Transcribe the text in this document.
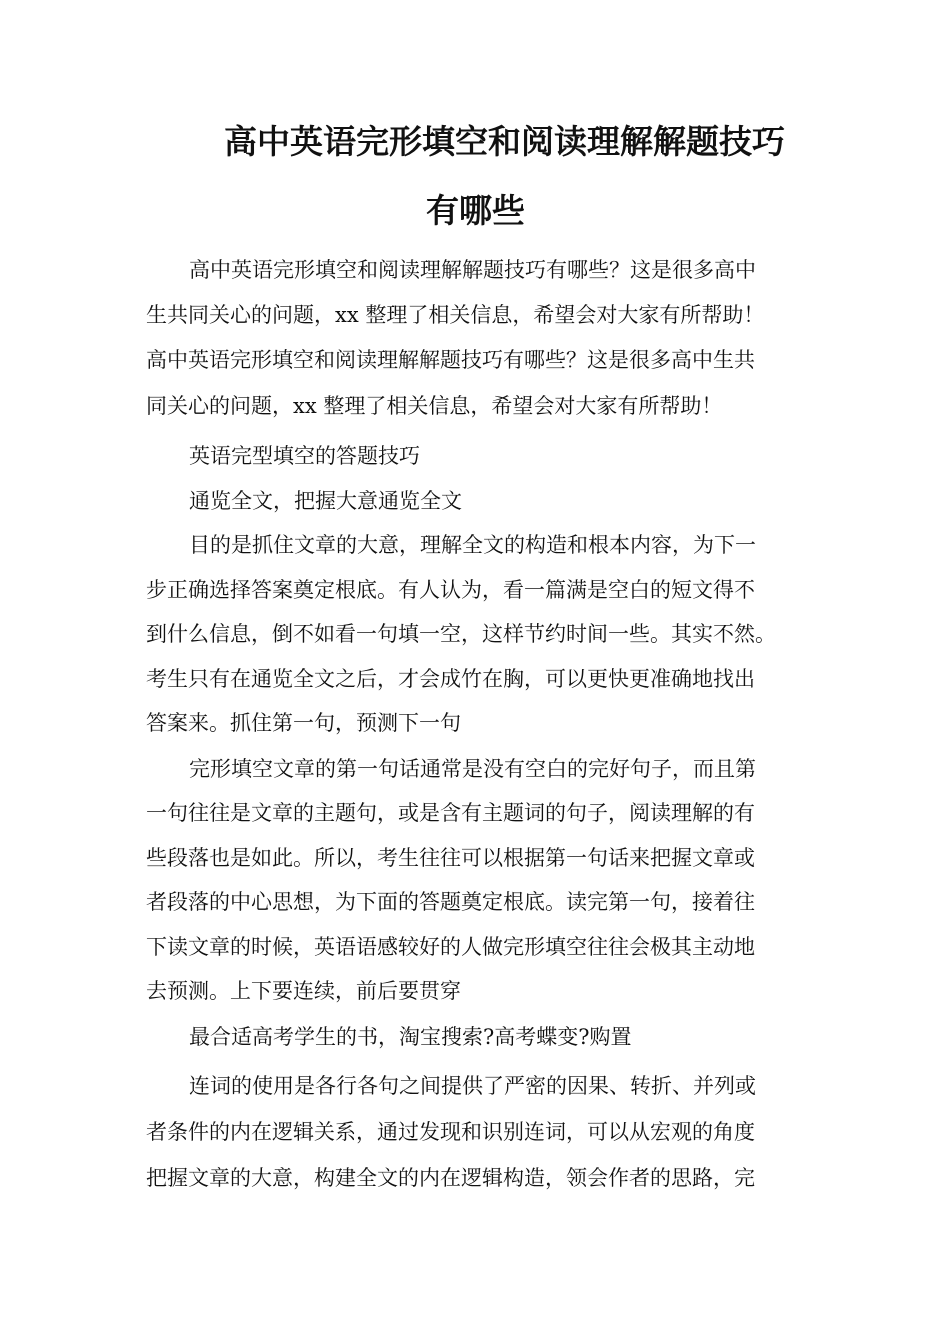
高中英语完形填空和阅读理解解题技巧
有哪些
高中英语完形填空和阅读理解解题技巧有哪些？这是很多高中
生共同关心的问题，xx 整理了相关信息，希望会对大家有所帮助！
高中英语完形填空和阅读理解解题技巧有哪些？这是很多高中生共
同关心的问题，xx 整理了相关信息，希望会对大家有所帮助！
英语完型填空的答题技巧
通览全文，把握大意通览全文
目的是抓住文章的大意，理解全文的构造和根本内容，为下一
步正确选择答案奠定根底。有人认为，看一篇满是空白的短文得不
到什么信息，倒不如看一句填一空，这样节约时间一些。其实不然。
考生只有在通览全文之后，才会成竹在胸，可以更快更准确地找出
答案来。抓住第一句，预测下一句
完形填空文章的第一句话通常是没有空白的完好句子，而且第
一句往往是文章的主题句，或是含有主题词的句子，阅读理解的有
些段落也是如此。所以，考生往往可以根据第一句话来把握文章或
者段落的中心思想，为下面的答题奠定根底。读完第一句，接着往
下读文章的时候，英语语感较好的人做完形填空往往会极其主动地
去预测。上下要连续，前后要贯穿
最合适高考学生的书，淘宝搜索?高考蝶变?购置
连词的使用是各行各句之间提供了严密的因果、转折、并列或
者条件的内在逻辑关系，通过发现和识别连词，可以从宏观的角度
把握文章的大意，构建全文的内在逻辑构造，领会作者的思路，完
